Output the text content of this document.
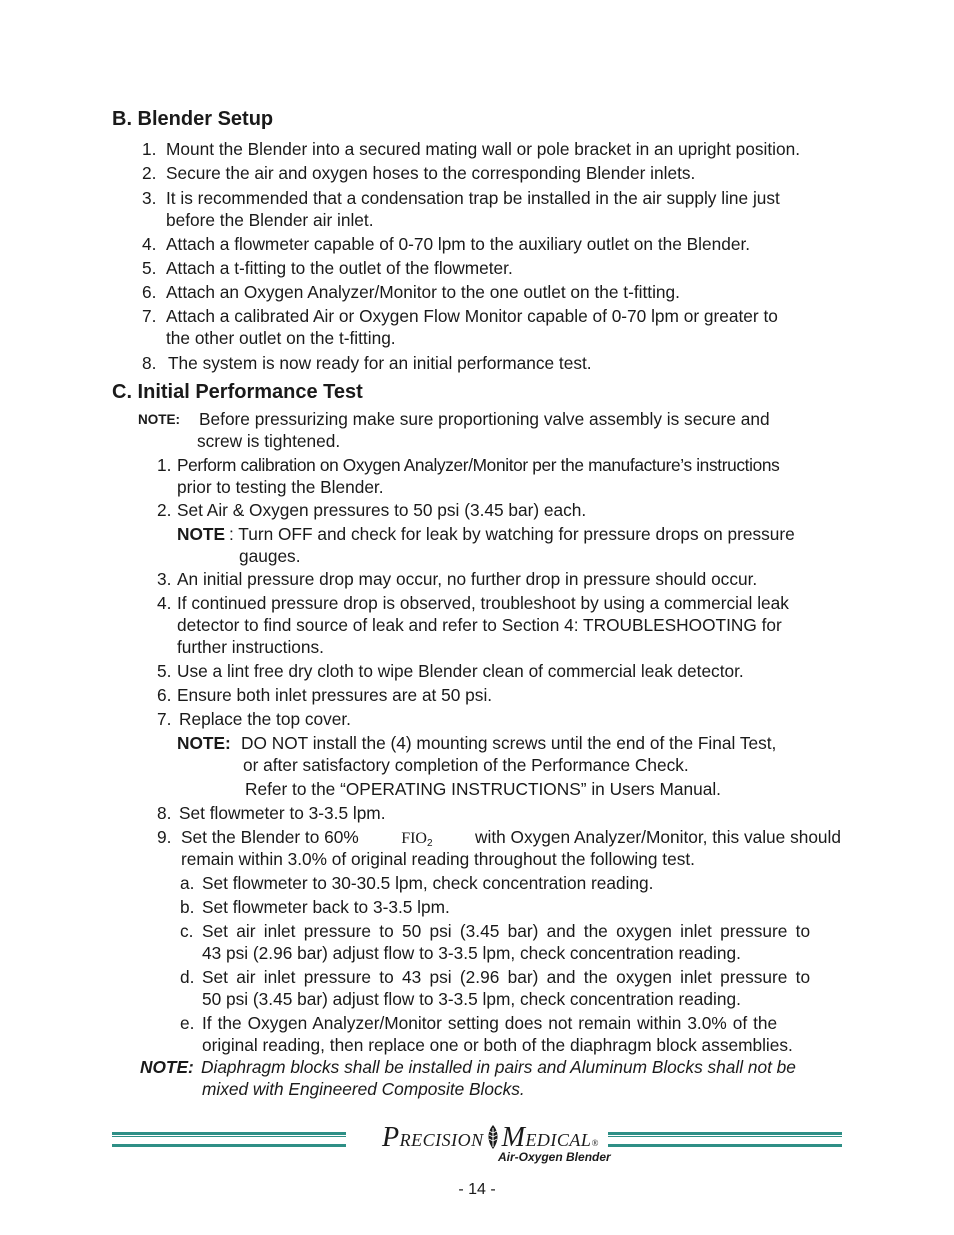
B. Blender Setup
1. Mount the Blender into a secured mating wall or pole bracket in an upright position.
2. Secure the air and oxygen hoses to the corresponding Blender inlets.
3. It is recommended that a condensation trap be installed in the air supply line just
before the Blender air inlet.
4. Attach a flowmeter capable of 0-70 lpm to the auxiliary outlet on the Blender.
5. Attach a t-fitting to the outlet of the flowmeter.
6. Attach an Oxygen Analyzer/Monitor to the one outlet on the t-fitting.
7. Attach a calibrated Air or Oxygen Flow Monitor capable of 0-70 lpm or greater to
the other outlet on the t-fitting.
8. The system is now ready for an initial performance test.
C. Initial Performance Test
NOTE: Before pressurizing make sure proportioning valve assembly is secure and
screw is tightened.
1. Perform calibration on Oxygen Analyzer/Monitor per the manufacture’s instructions
prior to testing the Blender.
2. Set Air & Oxygen pressures to 50 psi (3.45 bar) each.
NOTE : Turn OFF and check for leak by watching for pressure drops on pressure
gauges.
3. An initial pressure drop may occur, no further drop in pressure should occur.
4. If continued pressure drop is observed, troubleshoot by using a commercial leak
detector to find source of leak and refer to Section 4: TROUBLESHOOTING for
further instructions.
5. Use a lint free dry cloth to wipe Blender clean of commercial leak detector.
6. Ensure both inlet pressures are at 50 psi.
7. Replace the top cover.
NOTE: DO NOT install the (4) mounting screws until the end of the Final Test,
or after satisfactory completion of the Performance Check.
Refer to the “OPERATING INSTRUCTIONS” in Users Manual.
8. Set flowmeter to 3-3.5 lpm.
9. Set the Blender to 60%	$FIO_2$ with Oxygen Analyzer/Monitor, this value should
remain within 3.0% of original reading throughout the following test.
a. Set flowmeter to 30-30.5 lpm, check concentration reading.
b. Set flowmeter back to 3-3.5 lpm.
c. Set air inlet pressure to 50 psi (3.45 bar) and the oxygen inlet pressure to
43 psi (2.96 bar) adjust flow to 3-3.5 lpm, check concentration reading.
d. Set air inlet pressure to 43 psi (2.96 bar) and the oxygen inlet pressure to
50 psi (3.45 bar) adjust flow to 3-3.5 lpm, check concentration reading.
e. If the Oxygen Analyzer/Monitor setting does not remain within 3.0% of the
original reading, then replace one or both of the diaphragm block assemblies.
NOTE: Diaphragm blocks shall be installed in pairs and Aluminum Blocks shall not be
mixed with Engineered Composite Blocks.
PRECISION MEDICAL®
Air-Oxygen Blender
- 14 -
